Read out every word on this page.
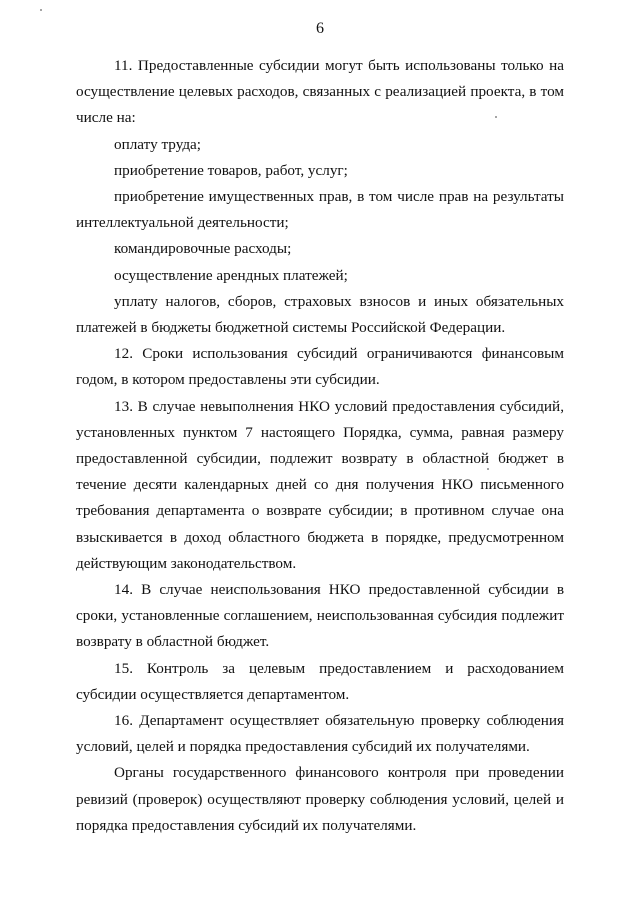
6

11. Предоставленные субсидии могут быть использованы только на осуществление целевых расходов, связанных с реализацией проекта, в том числе на:

оплату труда;

приобретение товаров, работ, услуг;

приобретение имущественных прав, в том числе прав на результаты интеллектуальной деятельности;

командировочные расходы;

осуществление арендных платежей;

уплату налогов, сборов, страховых взносов и иных обязательных платежей в бюджеты бюджетной системы Российской Федерации.

12. Сроки использования субсидий ограничиваются финансовым годом, в котором предоставлены эти субсидии.

13. В случае невыполнения НКО условий предоставления субсидий, установленных пунктом 7 настоящего Порядка, сумма, равная размеру предоставленной субсидии, подлежит возврату в областной бюджет в течение десяти календарных дней со дня получения НКО письменного требования департамента о возврате субсидии; в противном случае она взыскивается в доход областного бюджета в порядке, предусмотренном действующим законодательством.

14. В случае неиспользования НКО предоставленной субсидии в сроки, установленные соглашением, неиспользованная субсидия подлежит возврату в областной бюджет.

15. Контроль за целевым предоставлением и расходованием субсидии осуществляется департаментом.

16. Департамент осуществляет обязательную проверку соблюдения условий, целей и порядка предоставления субсидий их получателями.

Органы государственного финансового контроля при проведении ревизий (проверок) осуществляют проверку соблюдения условий, целей и порядка предоставления субсидий их получателями.
